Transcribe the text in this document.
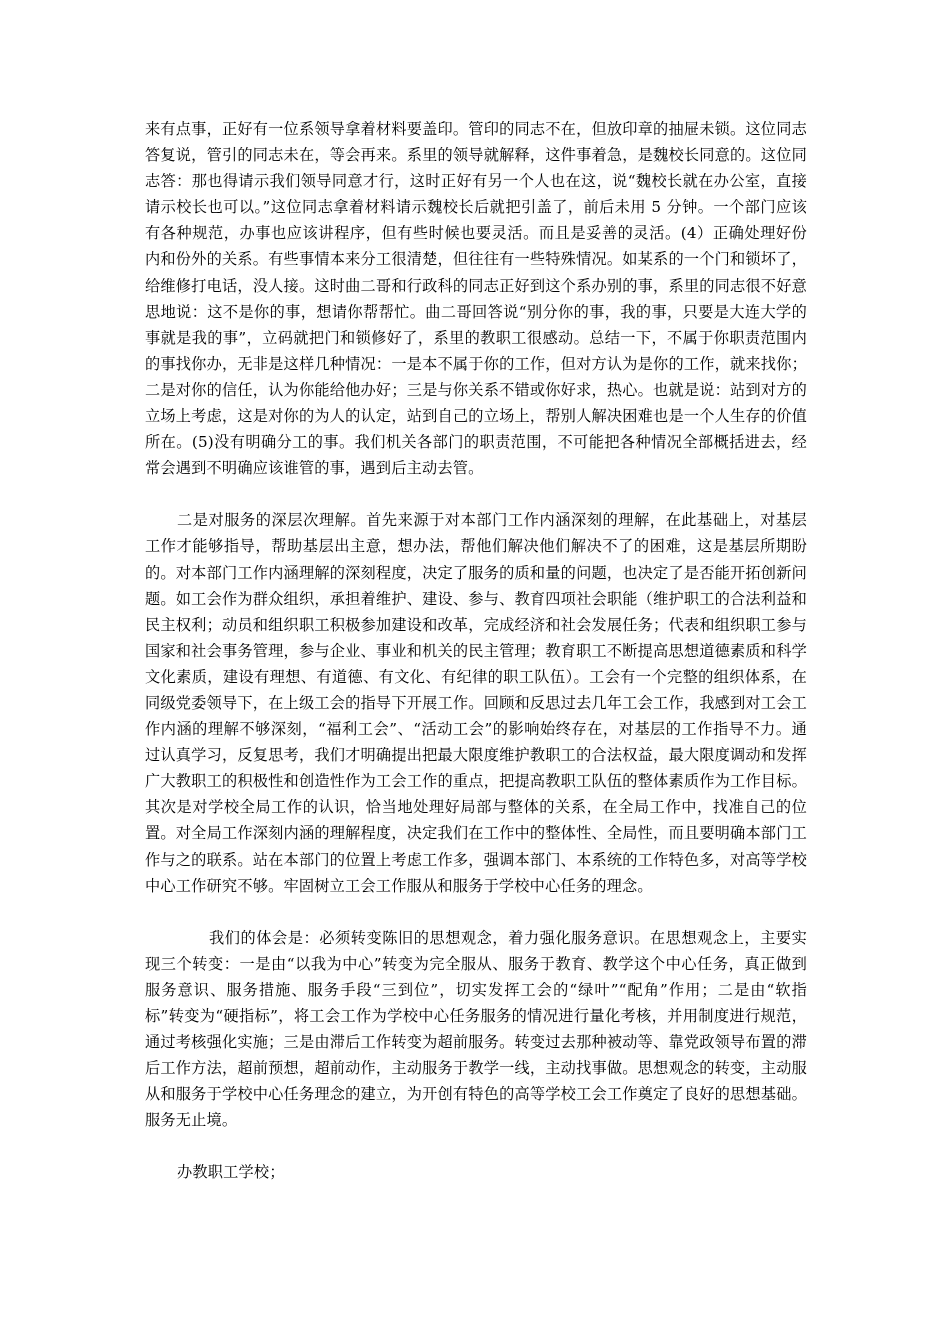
来有点事，正好有一位系领导拿着材料要盖印。管印的同志不在，但放印章的抽屉未锁。这位同志答复说，管引的同志未在，等会再来。系里的领导就解释，这件事着急，是魏校长同意的。这位同志答：那也得请示我们领导同意才行，这时正好有另一个人也在这，说“魏校长就在办公室，直接请示校长也可以。”这位同志拿着材料请示魏校长后就把引盖了，前后未用 5 分钟。一个部门应该有各种规范，办事也应该讲程序，但有些时候也要灵活。而且是妥善的灵活。(4）正确处理好份内和份外的关系。有些事情本来分工很清楚，但往往有一些特殊情况。如某系的一个门和锁坏了，给维修打电话，没人接。这时曲二哥和行政科的同志正好到这个系办别的事，系里的同志很不好意思地说：这不是你的事，想请你帮帮忙。曲二哥回答说“别分你的事，我的事，只要是大连大学的事就是我的事”，立码就把门和锁修好了，系里的教职工很感动。总结一下，不属于你职责范围内的事找你办，无非是这样几种情况：一是本不属于你的工作，但对方认为是你的工作，就来找你；二是对你的信任，认为你能给他办好；三是与你关系不错或你好求，热心。也就是说：站到对方的立场上考虑，这是对你的为人的认定，站到自己的立场上，帮别人解决困难也是一个人生存的价值所在。(5)没有明确分工的事。我们机关各部门的职责范围，不可能把各种情况全部概括进去，经常会遇到不明确应该谁管的事，遇到后主动去管。

二是对服务的深层次理解。首先来源于对本部门工作内涵深刻的理解，在此基础上，对基层工作才能够指导，帮助基层出主意，想办法，帮他们解决他们解决不了的困难，这是基层所期盼的。对本部门工作内涵理解的深刻程度，决定了服务的质和量的问题，也决定了是否能开拓创新问题。如工会作为群众组织，承担着维护、建设、参与、教育四项社会职能（维护职工的合法利益和民主权利；动员和组织职工积极参加建设和改革，完成经济和社会发展任务；代表和组织职工参与国家和社会事务管理，参与企业、事业和机关的民主管理；教育职工不断提高思想道德素质和科学文化素质，建设有理想、有道德、有文化、有纪律的职工队伍）。工会有一个完整的组织体系，在同级党委领导下，在上级工会的指导下开展工作。回顾和反思过去几年工会工作，我感到对工会工作内涵的理解不够深刻，“福利工会”、“活动工会”的影响始终存在，对基层的工作指导不力。通过认真学习，反复思考，我们才明确提出把最大限度维护教职工的合法权益，最大限度调动和发挥广大教职工的积极性和创造性作为工会工作的重点，把提高教职工队伍的整体素质作为工作目标。其次是对学校全局工作的认识，恰当地处理好局部与整体的关系，在全局工作中，找准自己的位置。对全局工作深刻内涵的理解程度，决定我们在工作中的整体性、全局性，而且要明确本部门工作与之的联系。站在本部门的位置上考虑工作多，强调本部门、本系统的工作特色多，对高等学校中心工作研究不够。牢固树立工会工作服从和服务于学校中心任务的理念。

我们的体会是：必须转变陈旧的思想观念，着力强化服务意识。在思想观念上，主要实现三个转变：一是由“以我为中心”转变为完全服从、服务于教育、教学这个中心任务，真正做到服务意识、服务措施、服务手段“三到位”，切实发挥工会的“绿叶”“配角”作用；二是由“软指标”转变为“硬指标”，将工会工作为学校中心任务服务的情况进行量化考核，并用制度进行规范，通过考核强化实施；三是由滞后工作转变为超前服务。转变过去那种被动等、靠党政领导布置的滞后工作方法，超前预想，超前动作，主动服务于教学一线，主动找事做。思想观念的转变，主动服从和服务于学校中心任务理念的建立，为开创有特色的高等学校工会工作奠定了良好的思想基础。服务无止境。

办教职工学校；
